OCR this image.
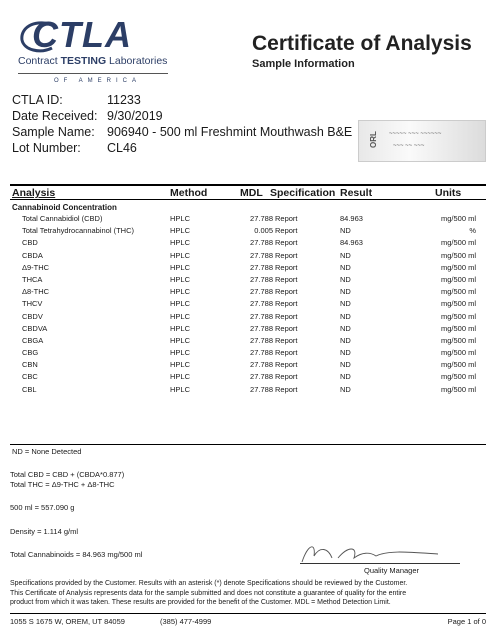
CTLA
Contract TESTING Laboratories
OF AMERICA
Certificate of Analysis
Sample Information
CTLA ID:	11233
Date Received: 9/30/2019
Sample Name: 906940 - 500 ml Freshmint Mouthwash B&E
Lot Number:	CL46
ORL ~~~~~ ~~~ ~~~~~~
~~~ ~~ ~~~
Analysis	Method	MDL Specification Result	Units
Cannabinoid Concentration
Total Cannabidiol (CBD)	HPLC	27.788 Report	84.963	mg/500 ml
Total Tetrahydrocannabinol (THC)	HPLC	0.005 Report	ND	%
CBD	HPLC	27.788 Report	84.963	mg/500 ml
CBDA	HPLC	27.788 Report	ND	mg/500 ml
Δ9-THC	HPLC	27.788 Report	ND	mg/500 ml
THCA	HPLC	27.788 Report	ND	mg/500 ml
Δ8-THC	HPLC	27.788 Report	ND	mg/500 ml
THCV	HPLC	27.788 Report	ND	mg/500 ml
CBDV	HPLC	27.788 Report	ND	mg/500 ml
CBDVA	HPLC	27.788 Report	ND	mg/500 ml
CBGA	HPLC	27.788 Report	ND	mg/500 ml
CBG	HPLC	27.788 Report	ND	mg/500 ml
CBN	HPLC	27.788 Report	ND	mg/500 ml
CBC	HPLC	27.788 Report	ND	mg/500 ml
CBL	HPLC	27.788 Report	ND	mg/500 ml
ND = None Detected
Total CBD = CBD + (CBDA*0.877)
Total THC = Δ9-THC + Δ8-THC
500 ml = 557.090 g
Density = 1.114 g/ml
Total Cannabinoids = 84.963 mg/500 ml
Quality Manager
Specifications provided by the Customer. Results with an asterisk (*) denote Specifications should be reviewed by the Customer.
This Certificate of Analysis represents data for the sample submitted and does not constitute a guarantee of quality for the entire
product from which it was taken. These results are provided for the benefit of the Customer. MDL = Method Detection Limit.
1055 S 1675 W, OREM, UT 84059	(385) 477-4999	Page 1 of 0
